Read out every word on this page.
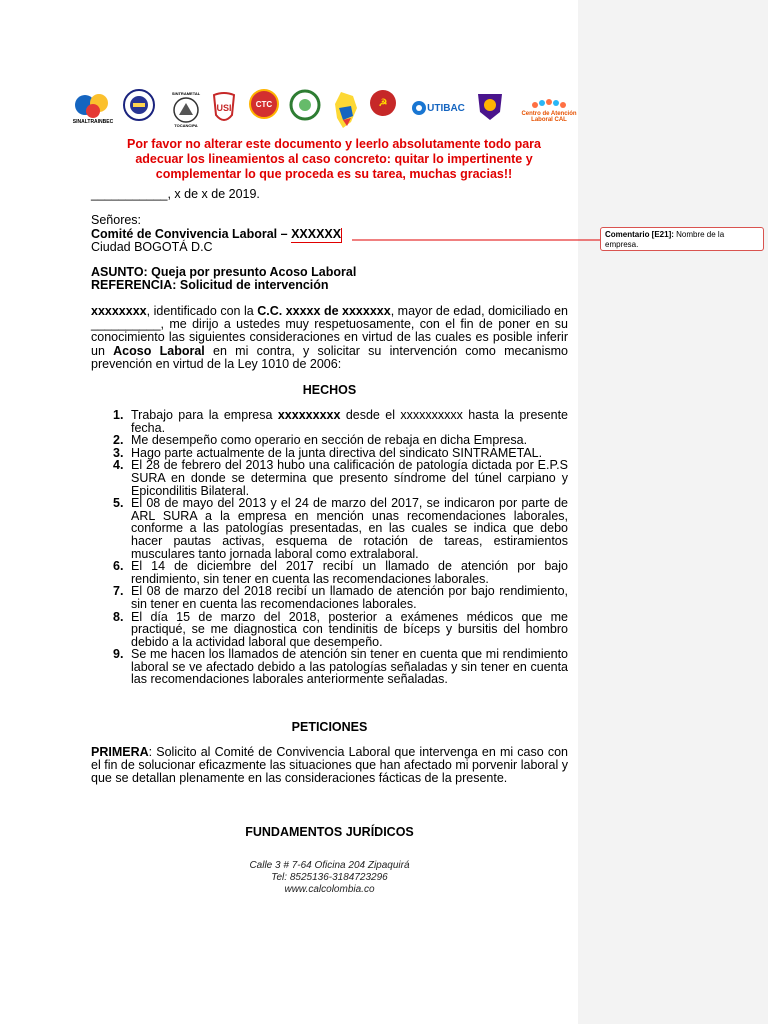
SINALTRAINBEC
SINTRAMETAL
TOCANCIPA
USI	CTC	☭	UTIBAC
Centro de Atención Laboral CAL
Por favor no alterar este documento y leerlo absolutamente todo para
adecuar los lineamientos al caso concreto: quitar lo impertinente y
complementar lo que proceda es su tarea, muchas gracias!!
___________, x de x de 2019.
Señores:
Comité de Convivencia Laboral – XXXXXX
Ciudad BOGOTÁ D.C
ASUNTO: Queja por presunto Acoso Laboral
REFERENCIA: Solicitud de intervención
xxxxxxxx, identificado con la C.C. xxxxx de xxxxxxx, mayor de edad, domiciliado en __________, me dirijo a ustedes muy respetuosamente, con el fin de poner en su conocimiento las siguientes consideraciones en virtud de las cuales es posible inferir un Acoso Laboral en mi contra, y solicitar su intervención como mecanismo prevención en virtud de la Ley 1010 de 2006:
HECHOS
1. Trabajo para la empresa xxxxxxxxx desde el xxxxxxxxxx hasta la presente fecha.
2. Me desempeño como operario en sección de rebaja en dicha Empresa.
3. Hago parte actualmente de la junta directiva del sindicato SINTRAMETAL.
4. El 28 de febrero del 2013 hubo una calificación de patología dictada por E.P.S SURA en donde se determina que presento síndrome del túnel carpiano y Epicondilitis Bilateral.
5. El 08 de mayo del 2013 y el 24 de marzo del 2017, se indicaron por parte de ARL SURA a la empresa en mención unas recomendaciones laborales, conforme a las patologías presentadas, en las cuales se indica que debo hacer pautas activas, esquema de rotación de tareas, estiramientos musculares tanto jornada laboral como extralaboral.
6. El 14 de diciembre del 2017 recibí un llamado de atención por bajo rendimiento, sin tener en cuenta las recomendaciones laborales.
7. El 08 de marzo del 2018 recibí un llamado de atención por bajo rendimiento, sin tener en cuenta las recomendaciones laborales.
8. El día 15 de marzo del 2018, posterior a exámenes médicos que me practiqué, se me diagnostica con tendinitis de bíceps y bursitis del hombro debido a la actividad laboral que desempeño.
9. Se me hacen los llamados de atención sin tener en cuenta que mi rendimiento laboral se ve afectado debido a las patologías señaladas y sin tener en cuenta las recomendaciones laborales anteriormente señaladas.
PETICIONES
PRIMERA: Solicito al Comité de Convivencia Laboral que intervenga en mi caso con el fin de solucionar eficazmente las situaciones que han afectado mi porvenir laboral y que se detallan plenamente en las consideraciones fácticas de la presente.
FUNDAMENTOS JURÍDICOS
Calle 3 # 7-64 Oficina 204 Zipaquirá
Tel: 8525136-3184723296
www.calcolombia.co
Comentario [E21]: Nombre de la empresa.
